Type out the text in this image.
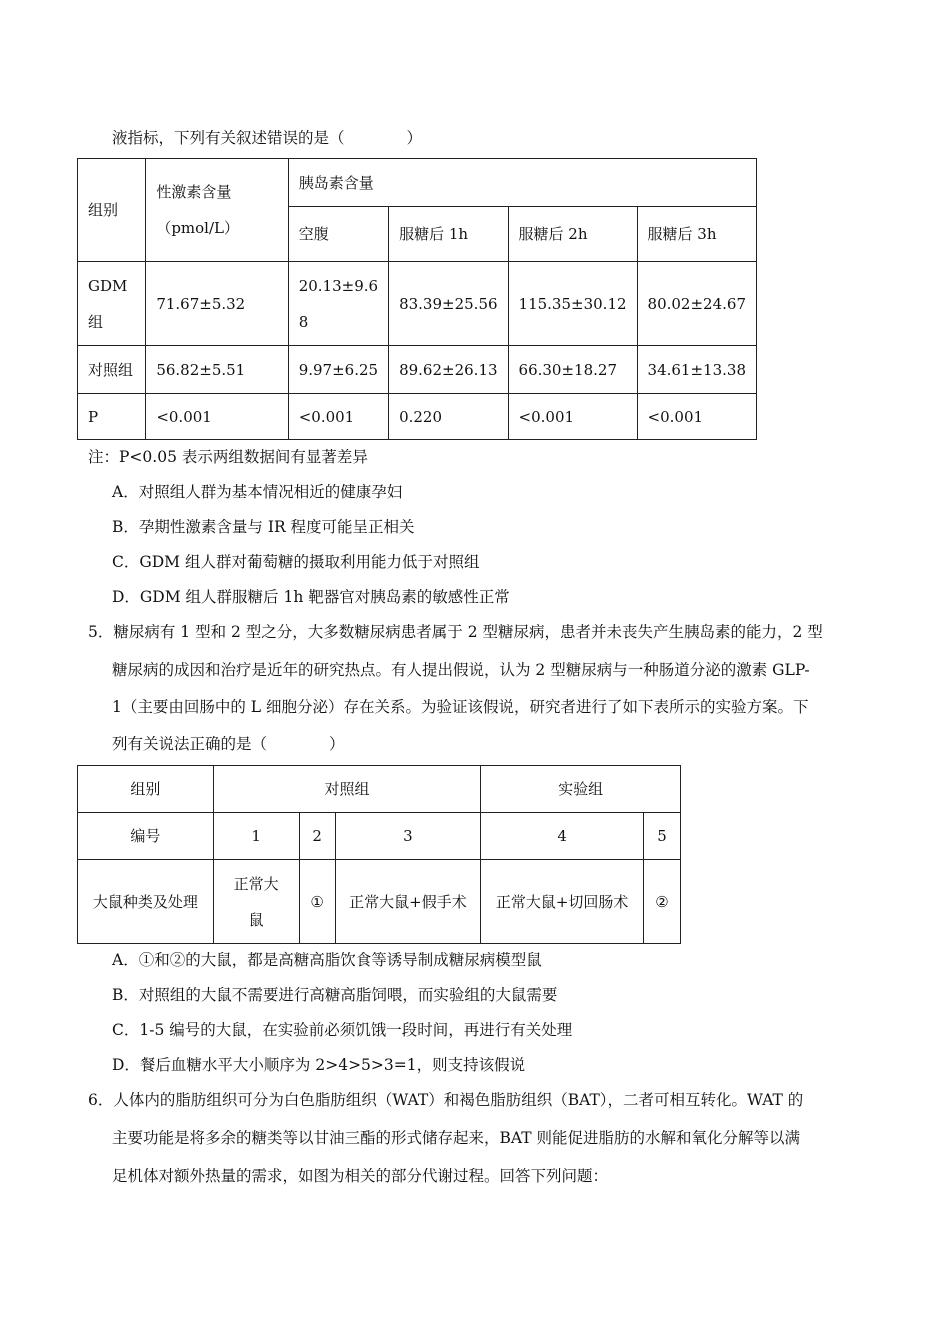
液指标，下列有关叙述错误的是（　　　　）
组别	性激素含量（pmol/L）	胰岛素含量			
		空腹	服糖后 1h	服糖后 2h	服糖后 3h
GDM 组	71.67±5.32	20.13±9.68	83.39±25.56	115.35±30.12	80.02±24.67
对照组	56.82±5.51	9.97±6.25	89.62±26.13	66.30±18.27	34.61±13.38
P	<0.001	<0.001	0.220	<0.001	<0.001
注：P<0.05 表示两组数据间有显著差异
A．对照组人群为基本情况相近的健康孕妇
B．孕期性激素含量与 IR 程度可能呈正相关
C．GDM 组人群对葡萄糖的摄取利用能力低于对照组
D．GDM 组人群服糖后 1h 靶器官对胰岛素的敏感性正常
5．糖尿病有 1 型和 2 型之分，大多数糖尿病患者属于 2 型糖尿病，患者并未丧失产生胰岛素的能力，2 型
糖尿病的成因和治疗是近年的研究热点。有人提出假说，认为 2 型糖尿病与一种肠道分泌的激素 GLP-
1（主要由回肠中的 L 细胞分泌）存在关系。为验证该假说，研究者进行了如下表所示的实验方案。下
列有关说法正确的是（　　　　）
组别	对照组			实验组	
编号	1	2	3	4	5
大鼠种类及处理	正常大鼠	①	正常大鼠+假手术	正常大鼠+切回肠术	②
A．①和②的大鼠，都是高糖高脂饮食等诱导制成糖尿病模型鼠
B．对照组的大鼠不需要进行高糖高脂饲喂，而实验组的大鼠需要
C．1-5 编号的大鼠，在实验前必须饥饿一段时间，再进行有关处理
D．餐后血糖水平大小顺序为 2>4>5>3=1，则支持该假说
6．人体内的脂肪组织可分为白色脂肪组织（WAT）和褐色脂肪组织（BAT），二者可相互转化。WAT 的
主要功能是将多余的糖类等以甘油三酯的形式储存起来，BAT 则能促进脂肪的水解和氧化分解等以满
足机体对额外热量的需求，如图为相关的部分代谢过程。回答下列问题：
